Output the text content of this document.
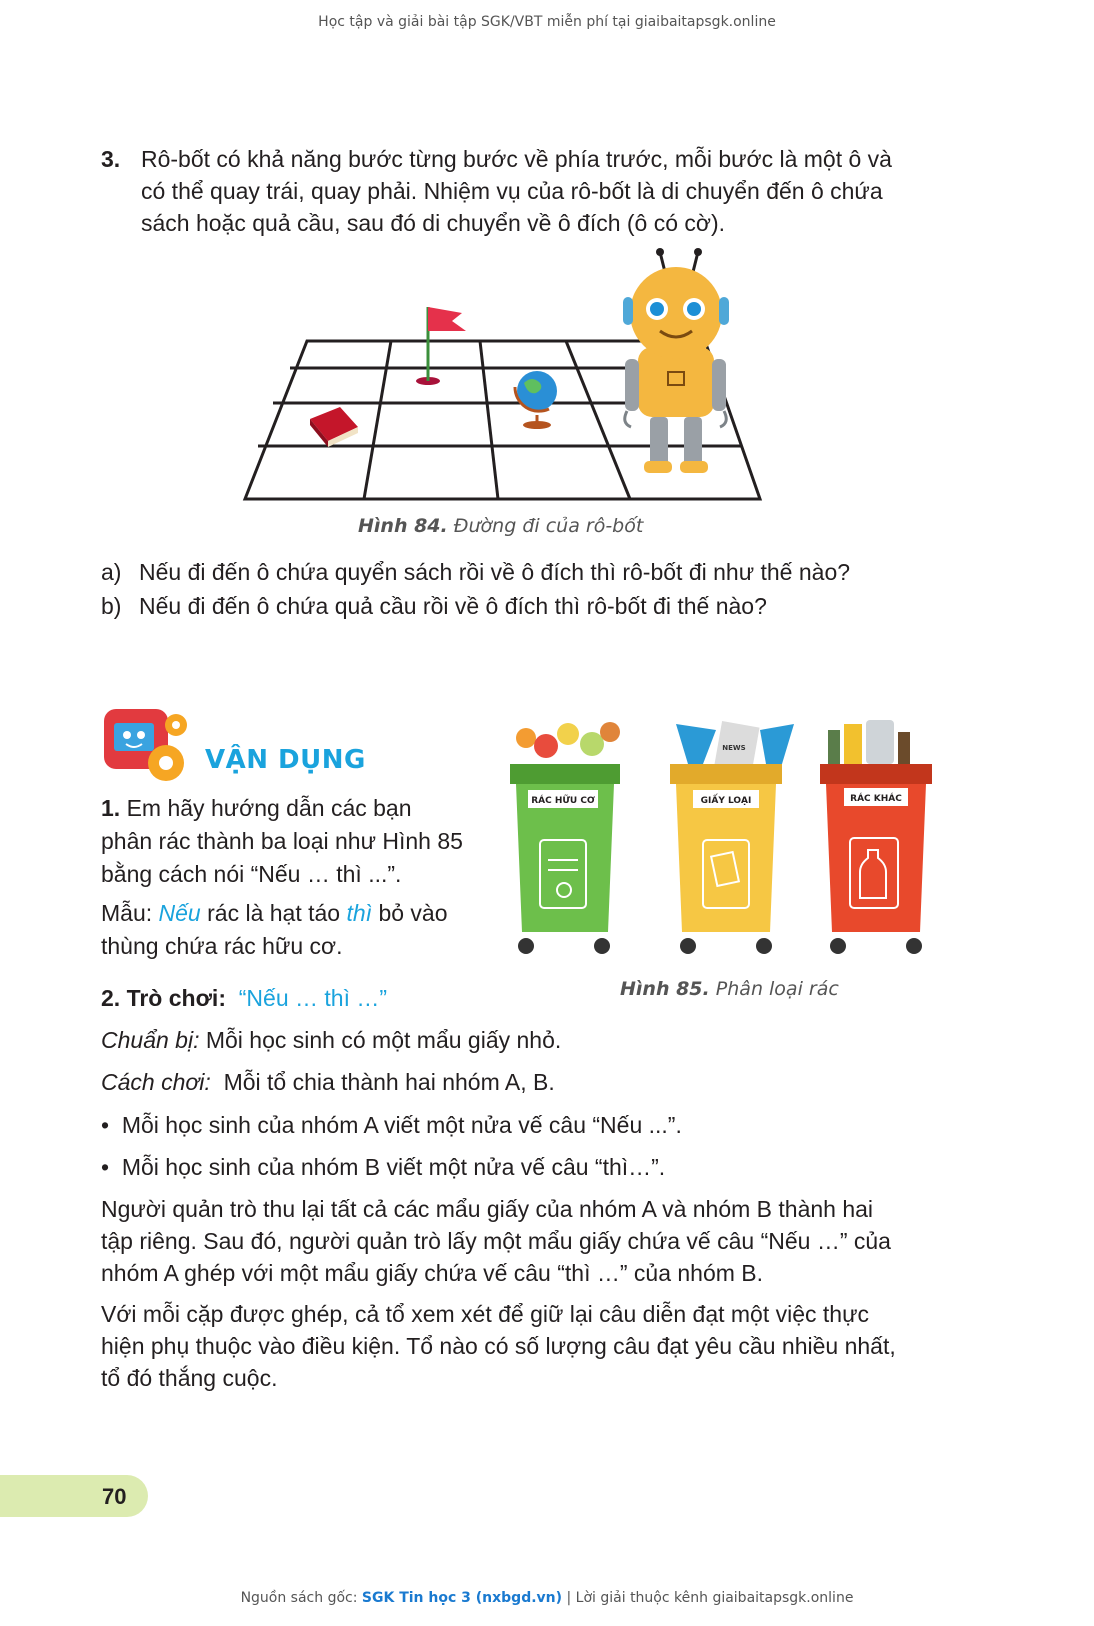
Học tập và giải bài tập SGK/VBT miễn phí tại giaibaitapsgk.online
3. Rô-bốt có khả năng bước từng bước về phía trước, mỗi bước là một ô và
có thể quay trái, quay phải. Nhiệm vụ của rô-bốt là di chuyển đến ô chứa
sách hoặc quả cầu, sau đó di chuyển về ô đích (ô có cờ).
Hình 84. Đường đi của rô-bốt
a) Nếu đi đến ô chứa quyển sách rồi về ô đích thì rô-bốt đi như thế nào?
b) Nếu đi đến ô chứa quả cầu rồi về ô đích thì rô-bốt đi thế nào?
VẬN DỤNG
RÁC HỮU CƠ
NEWS
GIẤY LOẠI	RÁC KHÁC
Hình 85. Phân loại rác
1. Em hãy hướng dẫn các bạn
phân rác thành ba loại như Hình 85
bằng cách nói “Nếu … thì ...”.
Mẫu: Nếu rác là hạt táo thì bỏ vào
thùng chứa rác hữu cơ.
2. Trò chơi: “Nếu … thì …”
Chuẩn bị: Mỗi học sinh có một mẩu giấy nhỏ.
Cách chơi: Mỗi tổ chia thành hai nhóm A, B.
• Mỗi học sinh của nhóm A viết một nửa vế câu “Nếu ...”.
• Mỗi học sinh của nhóm B viết một nửa vế câu “thì…”.
Người quản trò thu lại tất cả các mẩu giấy của nhóm A và nhóm B thành hai
tập riêng. Sau đó, người quản trò lấy một mẩu giấy chứa vế câu “Nếu …” của
nhóm A ghép với một mẩu giấy chứa vế câu “thì …” của nhóm B.
Với mỗi cặp được ghép, cả tổ xem xét để giữ lại câu diễn đạt một việc thực
hiện phụ thuộc vào điều kiện. Tổ nào có số lượng câu đạt yêu cầu nhiều nhất,
tổ đó thắng cuộc.
70
Nguồn sách gốc: SGK Tin học 3 (nxbgd.vn) | Lời giải thuộc kênh giaibaitapsgk.online
